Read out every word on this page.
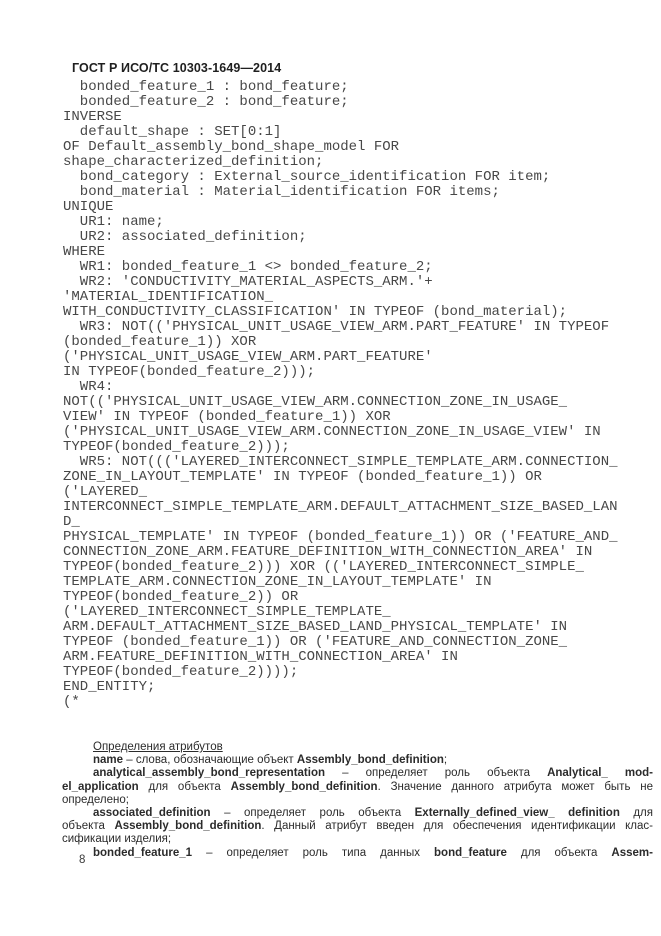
ГОСТ Р ИСО/ТС 10303-1649—2014
bonded_feature_1 : bond_feature;
bonded_feature_2 : bond_feature;
INVERSE
default_shape : SET[0:1]
OF Default_assembly_bond_shape_model FOR
shape_characterized_definition;
bond_category : External_source_identification FOR item;
bond_material : Material_identification FOR items;
UNIQUE
UR1: name;
UR2: associated_definition;
WHERE
WR1: bonded_feature_1 <> bonded_feature_2;
WR2: 'CONDUCTIVITY_MATERIAL_ASPECTS_ARM.'+
'MATERIAL_IDENTIFICATION_
WITH_CONDUCTIVITY_CLASSIFICATION' IN TYPEOF (bond_material);
WR3: NOT(('PHYSICAL_UNIT_USAGE_VIEW_ARM.PART_FEATURE' IN TYPEOF
(bonded_feature_1)) XOR
('PHYSICAL_UNIT_USAGE_VIEW_ARM.PART_FEATURE'
IN TYPEOF(bonded_feature_2)));
WR4:
NOT(('PHYSICAL_UNIT_USAGE_VIEW_ARM.CONNECTION_ZONE_IN_USAGE_
VIEW' IN TYPEOF (bonded_feature_1)) XOR
('PHYSICAL_UNIT_USAGE_VIEW_ARM.CONNECTION_ZONE_IN_USAGE_VIEW' IN
TYPEOF(bonded_feature_2)));
WR5: NOT((('LAYERED_INTERCONNECT_SIMPLE_TEMPLATE_ARM.CONNECTION_
ZONE_IN_LAYOUT_TEMPLATE' IN TYPEOF (bonded_feature_1)) OR
('LAYERED_
INTERCONNECT_SIMPLE_TEMPLATE_ARM.DEFAULT_ATTACHMENT_SIZE_BASED_LAN
D_
PHYSICAL_TEMPLATE' IN TYPEOF (bonded_feature_1)) OR ('FEATURE_AND_
CONNECTION_ZONE_ARM.FEATURE_DEFINITION_WITH_CONNECTION_AREA' IN
TYPEOF(bonded_feature_2))) XOR (('LAYERED_INTERCONNECT_SIMPLE_
TEMPLATE_ARM.CONNECTION_ZONE_IN_LAYOUT_TEMPLATE' IN
TYPEOF(bonded_feature_2)) OR
('LAYERED_INTERCONNECT_SIMPLE_TEMPLATE_
ARM.DEFAULT_ATTACHMENT_SIZE_BASED_LAND_PHYSICAL_TEMPLATE' IN
TYPEOF (bonded_feature_1)) OR ('FEATURE_AND_CONNECTION_ZONE_
ARM.FEATURE_DEFINITION_WITH_CONNECTION_AREA' IN
TYPEOF(bonded_feature_2))));
END_ENTITY;
(*
Определения атрибутов
name – слова, обозначающие объект Assembly_bond_definition;
analytical_assembly_bond_representation – определяет роль объекта Analytical_ mod-
el_application для объекта Assembly_bond_definition. Значение данного атрибута может быть не
определено;
associated_definition – определяет роль объекта Externally_defined_view_ definition для
объекта Assembly_bond_definition. Данный атрибут введен для обеспечения идентификации клас-
сификации изделия;
bonded_feature_1 – определяет роль типа данных bond_feature для объекта Assem-
8
